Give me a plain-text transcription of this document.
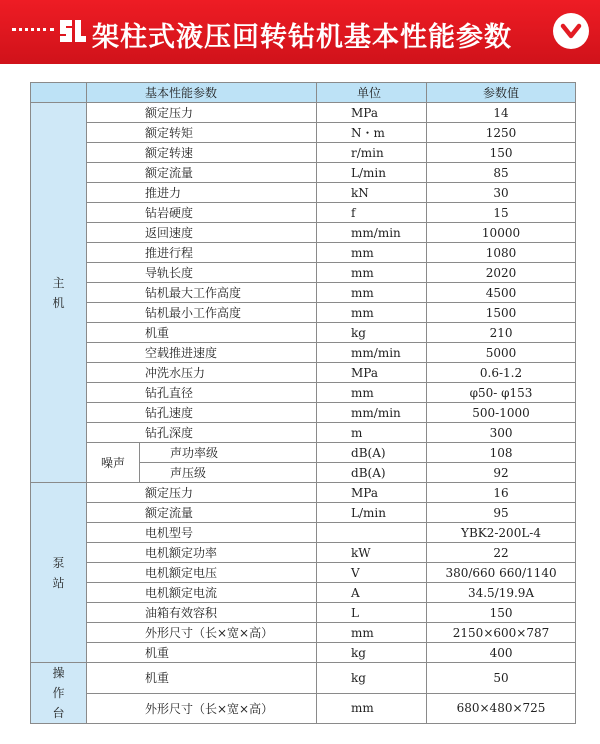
架柱式液压回转钻机基本性能参数
	基本性能参数		单位	参数值
主
机	额定压力		MPa	14
	额定转矩		N・m	1250
	额定转速		r/min	150
	额定流量		L/min	85
	推进力		kN	30
	钻岩硬度		f	15
	返回速度		mm/min	10000
	推进行程		mm	1080
	导轨长度		mm	2020
	钻机最大工作高度		mm	4500
	钻机最小工作高度		mm	1500
	机重		kg	210
	空载推进速度		mm/min	5000
	冲洗水压力		MPa	0.6-1.2
	钻孔直径		mm	φ50- φ153
	钻孔速度		mm/min	500-1000
	钻孔深度		m	300
	噪声	声功率级	dB(A)	108
		声压级	dB(A)	92
泵
站	额定压力		MPa	16
	额定流量		L/min	95
	电机型号			YBK2-200L-4
	电机额定功率		kW	22
	电机额定电压		V	380/660 660/1140
	电机额定电流		A	34.5/19.9A
	油箱有效容积		L	150
	外形尺寸（长×宽×高）		mm	2150×600×787
	机重		kg	400
操
作
台	机重		kg	50
	外形尺寸（长×宽×高）		mm	680×480×725
